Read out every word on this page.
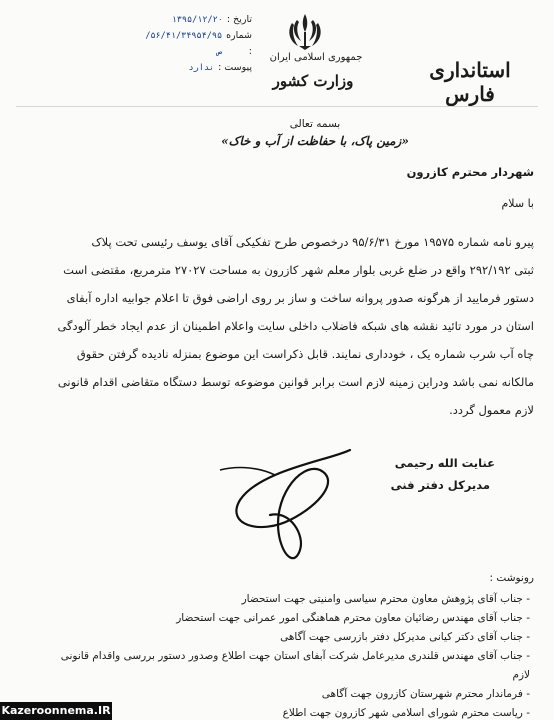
تاریخ :
۱۳۹۵/۱۲/۲۰
شماره :
۵۶/۴۱/۳۴۹۵۴/۹۵/ص
پیوست :
ندارد
جمهوری اسلامی ایران
وزارت کشور	استانداری فارس
بسمه تعالی
«زمین پاک، با حفاظت از آب و خاک»
شهردار محترم کازرون
با سلام
پیرو نامه شماره ۱۹۵۷۵ مورخ ۹۵/۶/۳۱ درخصوص طرح تفکیکی آقای یوسف رئیسی تحت پلاک
ثبتی ۲۹۲/۱۹۲ واقع در ضلع غربی بلوار معلم شهر کازرون به مساحت ۲۷۰۲۷ مترمربع، مقتضی است
دستور فرمایید از هرگونه صدور پروانه ساخت و ساز بر روی اراضی فوق تا اعلام جوابیه اداره آبفای
استان در مورد تائید نقشه های شبکه فاضلاب داخلی سایت واعلام اطمینان از عدم ایجاد خطر آلودگی
چاه آب شرب شماره یک ، خودداری نمایند. قابل ذکراست این موضوع بمنزله نادیده گرفتن حقوق
مالکانه نمی باشد ودراین زمینه لازم است برابر قوانین موضوعه توسط دستگاه متقاضی اقدام قانونی
لازم معمول گردد.
عنایت الله رحیمی
مدیرکل دفتر فنی
رونوشت :
- جناب آقای پژوهش معاون محترم سیاسی وامنیتی جهت استحضار
- جناب آقای مهندس رضائیان معاون محترم هماهنگی امور عمرانی جهت استحضار
- جناب آقای دکتر کیانی مدیرکل دفتر بازرسی جهت آگاهی
- جناب آقای مهندس قلندری مدیرعامل شرکت آبفای استان جهت اطلاع وصدور دستور بررسی واقدام قانونی لازم
- فرماندار محترم شهرستان کازرون جهت آگاهی
- ریاست محترم شورای اسلامی شهر کازرون جهت اطلاع
Kazeroonnema.IR
